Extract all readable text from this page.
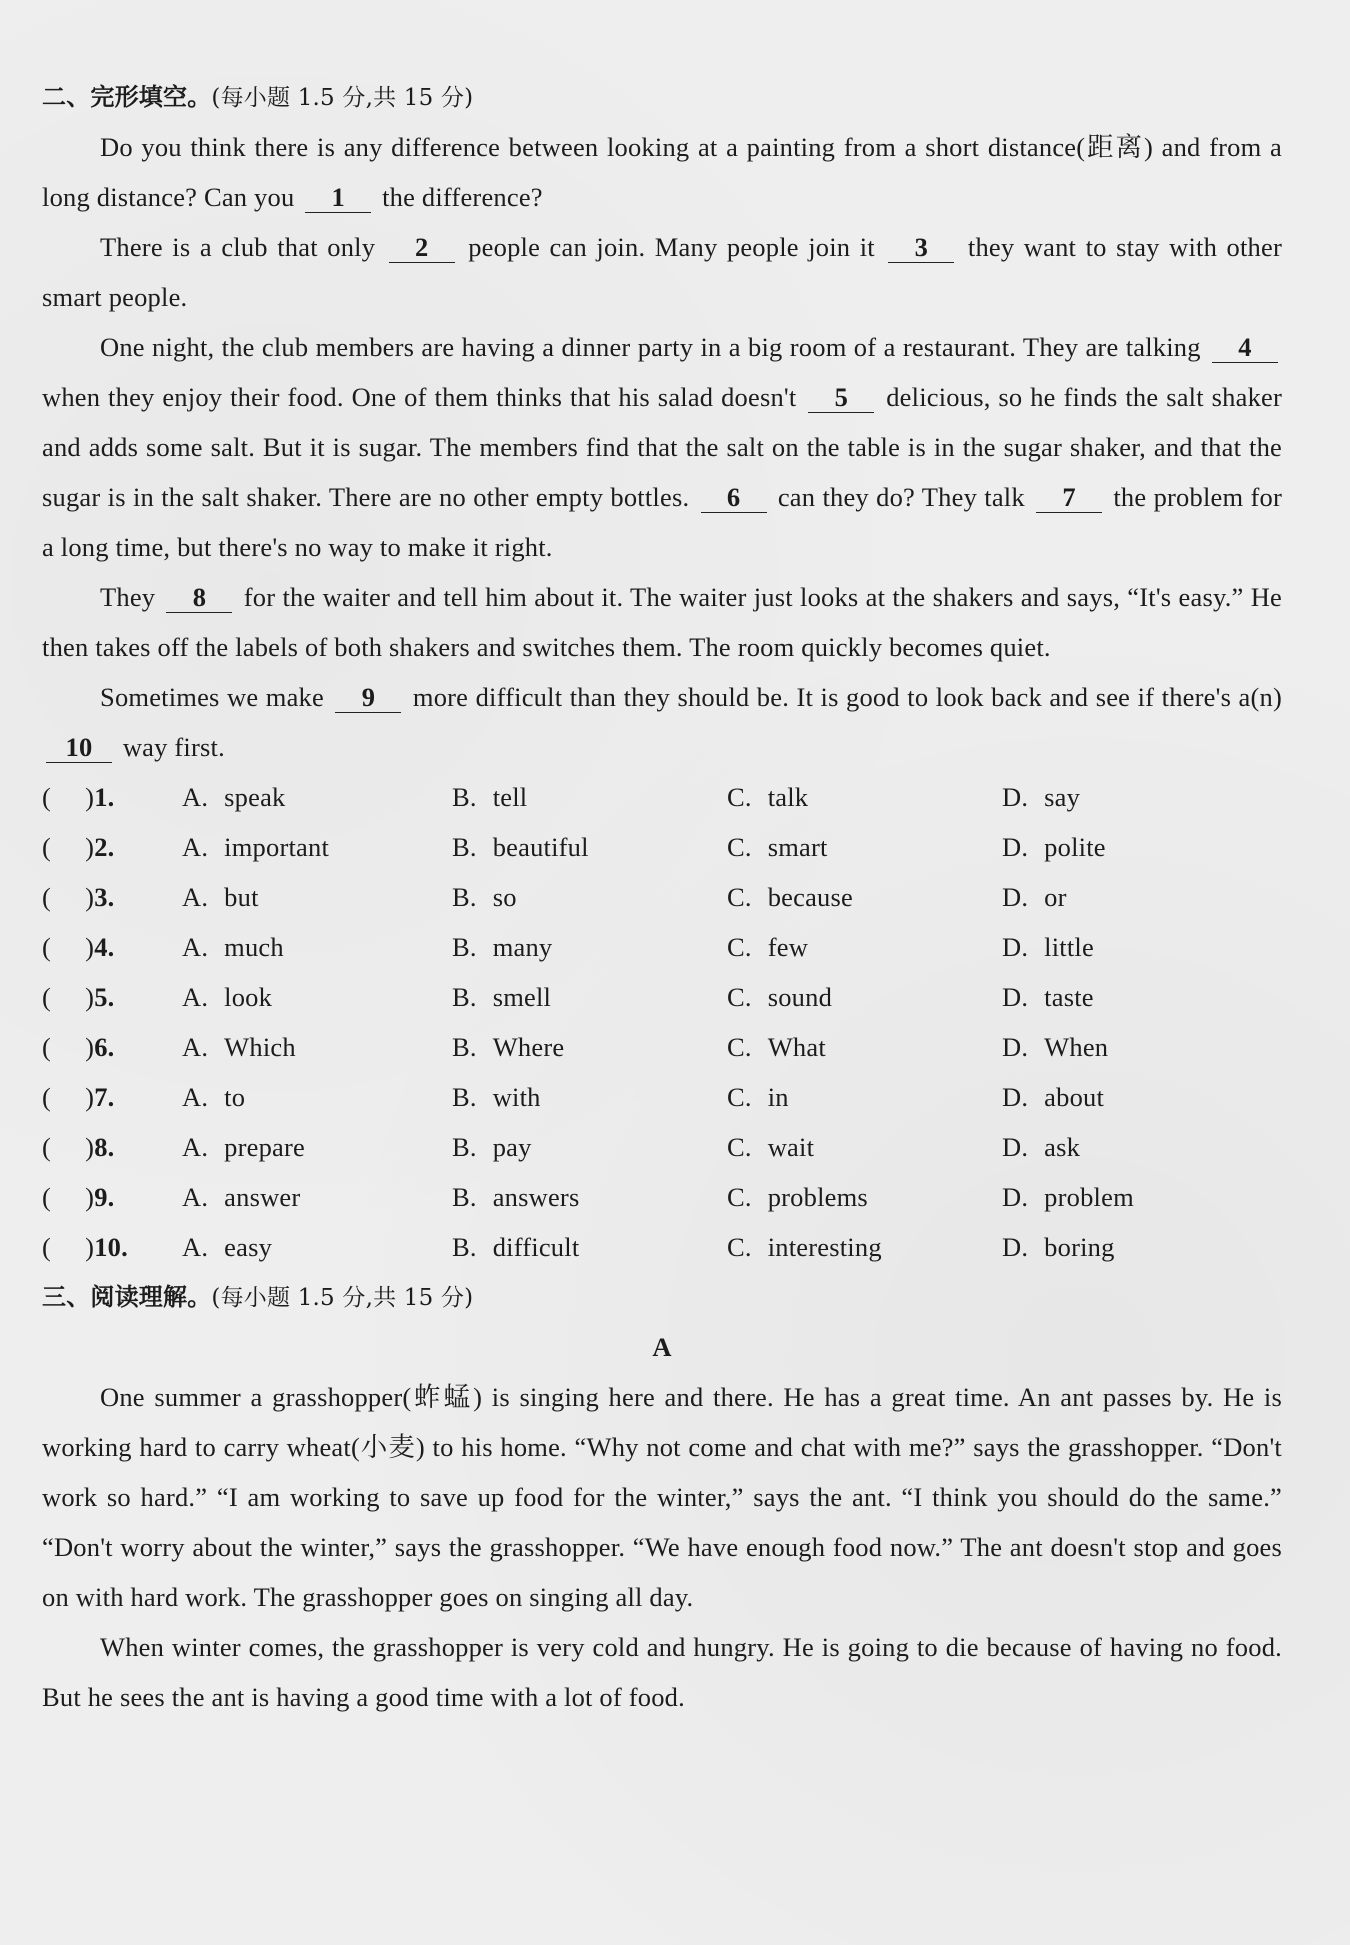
二、完形填空。(每小题 1.5 分,共 15 分)

Do you think there is any difference between looking at a painting from a short distance(距离) and from a long distance? Can you 1 the difference?

There is a club that only 2 people can join. Many people join it 3 they want to stay with other smart people.

One night, the club members are having a dinner party in a big room of a restaurant. They are talking 4 when they enjoy their food. One of them thinks that his salad doesn't 5 delicious, so he finds the salt shaker and adds some salt. But it is sugar. The members find that the salt on the table is in the sugar shaker, and that the sugar is in the salt shaker. There are no other empty bottles. 6 can they do? They talk 7 the problem for a long time, but there's no way to make it right.

They 8 for the waiter and tell him about it. The waiter just looks at the shakers and says, “It's easy.” He then takes off the labels of both shakers and switches them. The room quickly becomes quiet.

Sometimes we make 9 more difficult than they should be. It is good to look back and see if there's a(n) 10 way first.

(     )1.	A. speak	B. tell	C. talk	D. say
(     )2.	A. important	B. beautiful	C. smart	D. polite
(     )3.	A. but	B. so	C. because	D. or
(     )4.	A. much	B. many	C. few	D. little
(     )5.	A. look	B. smell	C. sound	D. taste
(     )6.	A. Which	B. Where	C. What	D. When
(     )7.	A. to	B. with	C. in	D. about
(     )8.	A. prepare	B. pay	C. wait	D. ask
(     )9.	A. answer	B. answers	C. problems	D. problem
(     )10. A. easy	B. difficult	C. interesting	D. boring
三、阅读理解。(每小题 1.5 分,共 15 分)
A

One summer a grasshopper(蚱蜢) is singing here and there. He has a great time. An ant passes by. He is working hard to carry wheat(小麦) to his home. “Why not come and chat with me?” says the grasshopper. “Don't work so hard.” “I am working to save up food for the winter,” says the ant. “I think you should do the same.” “Don't worry about the winter,” says the grasshopper. “We have enough food now.” The ant doesn't stop and goes on with hard work. The grasshopper goes on singing all day.

When winter comes, the grasshopper is very cold and hungry. He is going to die because of having no food. But he sees the ant is having a good time with a lot of food.
